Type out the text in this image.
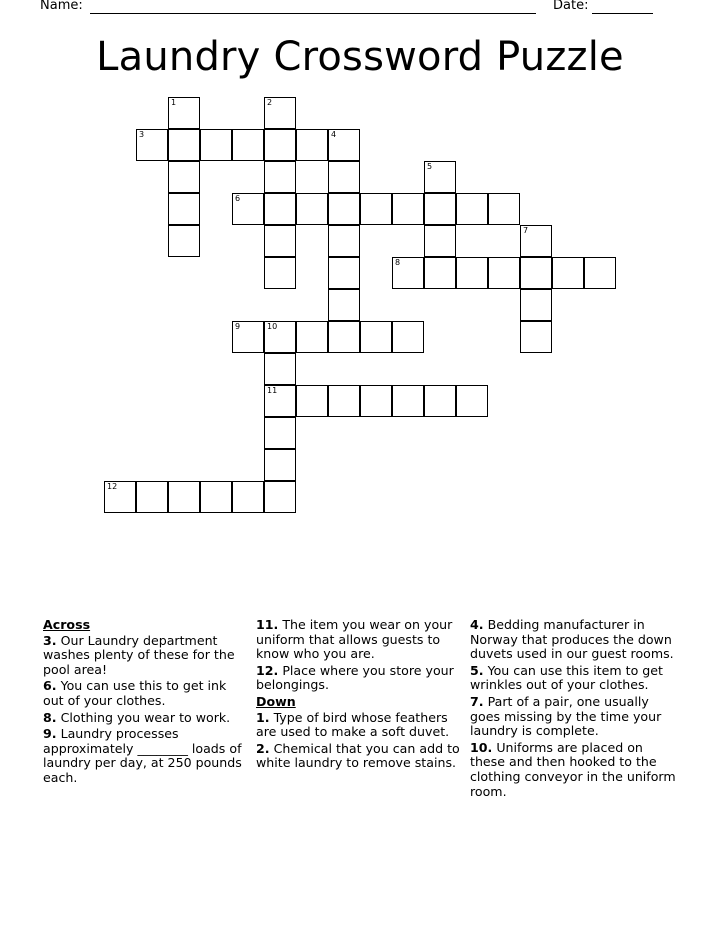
Name:	Date:
Laundry Crossword Puzzle
3
6
8
9	10
11
12
1	2
4
5
7
Across
3. Our Laundry department washes plenty of these for the pool area!
6. You can use this to get ink out of your clothes.
8. Clothing you wear to work.
9. Laundry processes approximately ________ loads of laundry per day, at 250 pounds each.
11. The item you wear on your uniform that allows guests to know who you are.
12. Place where you store your belongings.
Down
1. Type of bird whose feathers are used to make a soft duvet.
2. Chemical that you can add to white laundry to remove stains.
4. Bedding manufacturer in Norway that produces the down duvets used in our guest rooms.
5. You can use this item to get wrinkles out of your clothes.
7. Part of a pair, one usually goes missing by the time your laundry is complete.
10. Uniforms are placed on these and then hooked to the clothing conveyor in the uniform room.
